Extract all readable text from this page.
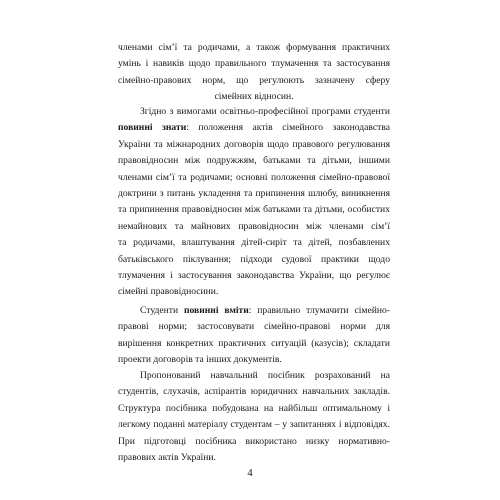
членами сім’ї та родичами, а також формування практичних
умінь і навиків щодо правильного тлумачення та застосування
сімейно-правових норм, що регулюють зазначену сферу
сімейних відносин.
Згідно з вимогами освітньо-професійної програми студенти
повинні знати: положення актів сімейного законодавства
України та міжнародних договорів щодо правового регулювання
правовідносин між подружжям, батьками та дітьми, іншими
членами сім’ї та родичами; основні положення сімейно-правової
доктрини з питань укладення та припинення шлюбу, виникнення
та припинення правовідносин між батьками та дітьми, особистих
немайнових та майнових правовідносин між членами сім’ї
та родичами, влаштування дітей-сиріт та дітей, позбавлених
батьківського піклування; підходи судової практики щодо
тлумачення і застосування законодавства України, що регулює
сімейні правовідносини.
Студенти повинні вміти: правильно тлумачити сімейно-
правові норми; застосовувати сімейно-правові норми для
вирішення конкретних практичних ситуацій (казусів); складати
проекти договорів та інших документів.
Пропонований навчальний посібник розрахований на
студентів, слухачів, аспірантів юридичних навчальних закладів.
Структура посібника побудована на найбільш оптимальному і
легкому поданні матеріалу студентам – у запитаннях і відповідях.
При підготовці посібника використано низку нормативно-
правових актів України.
4
